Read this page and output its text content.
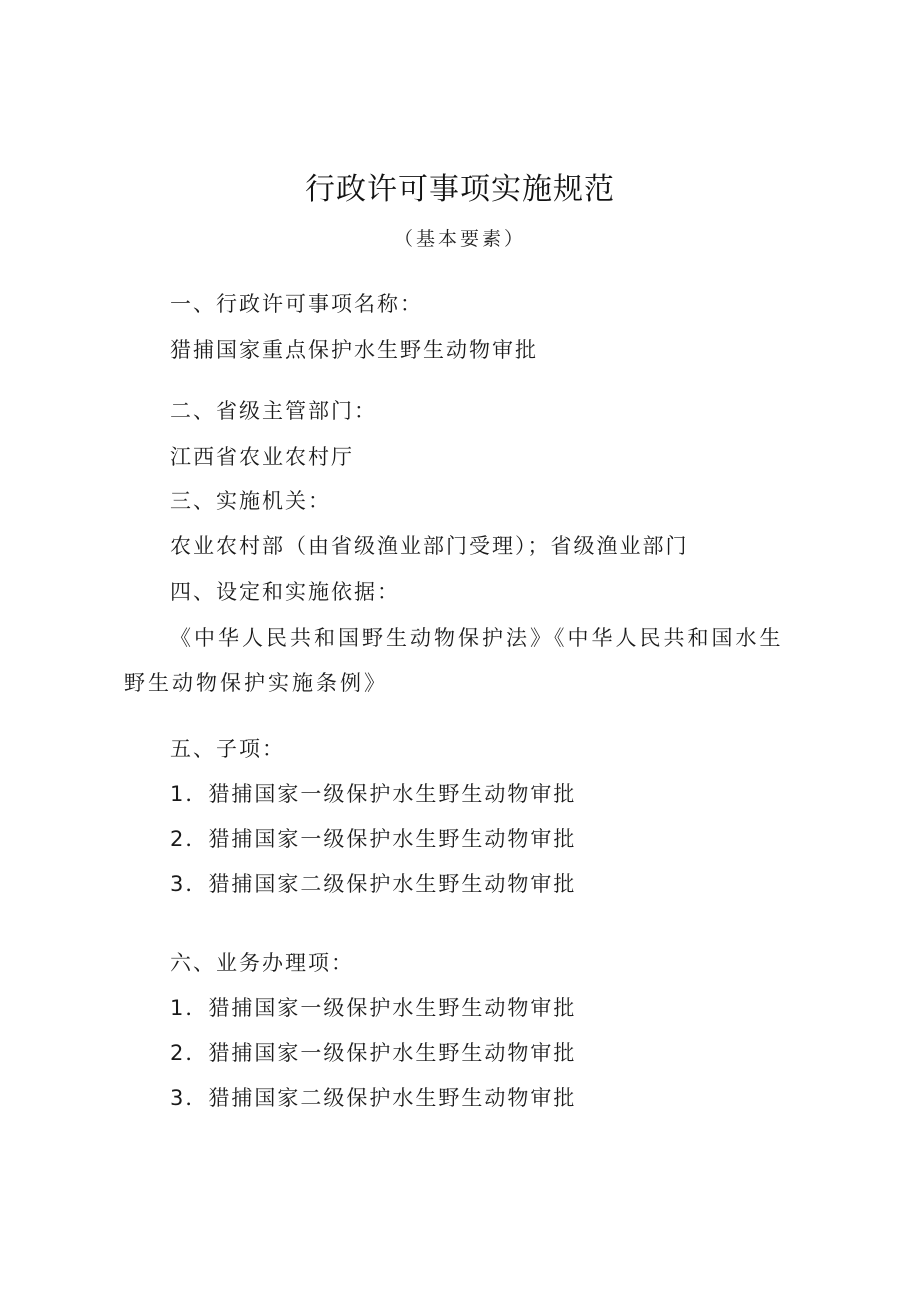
行政许可事项实施规范
（基本要素）
一、行政许可事项名称：
猎捕国家重点保护水生野生动物审批
二、省级主管部门：
江西省农业农村厅
三、实施机关：
农业农村部（由省级渔业部门受理）；省级渔业部门
四、设定和实施依据：
《中华人民共和国野生动物保护法》《中华人民共和国水生
野生动物保护实施条例》
五、子项：
1．猎捕国家一级保护水生野生动物审批
2．猎捕国家一级保护水生野生动物审批
3．猎捕国家二级保护水生野生动物审批
六、业务办理项：
1．猎捕国家一级保护水生野生动物审批
2．猎捕国家一级保护水生野生动物审批
3．猎捕国家二级保护水生野生动物审批
